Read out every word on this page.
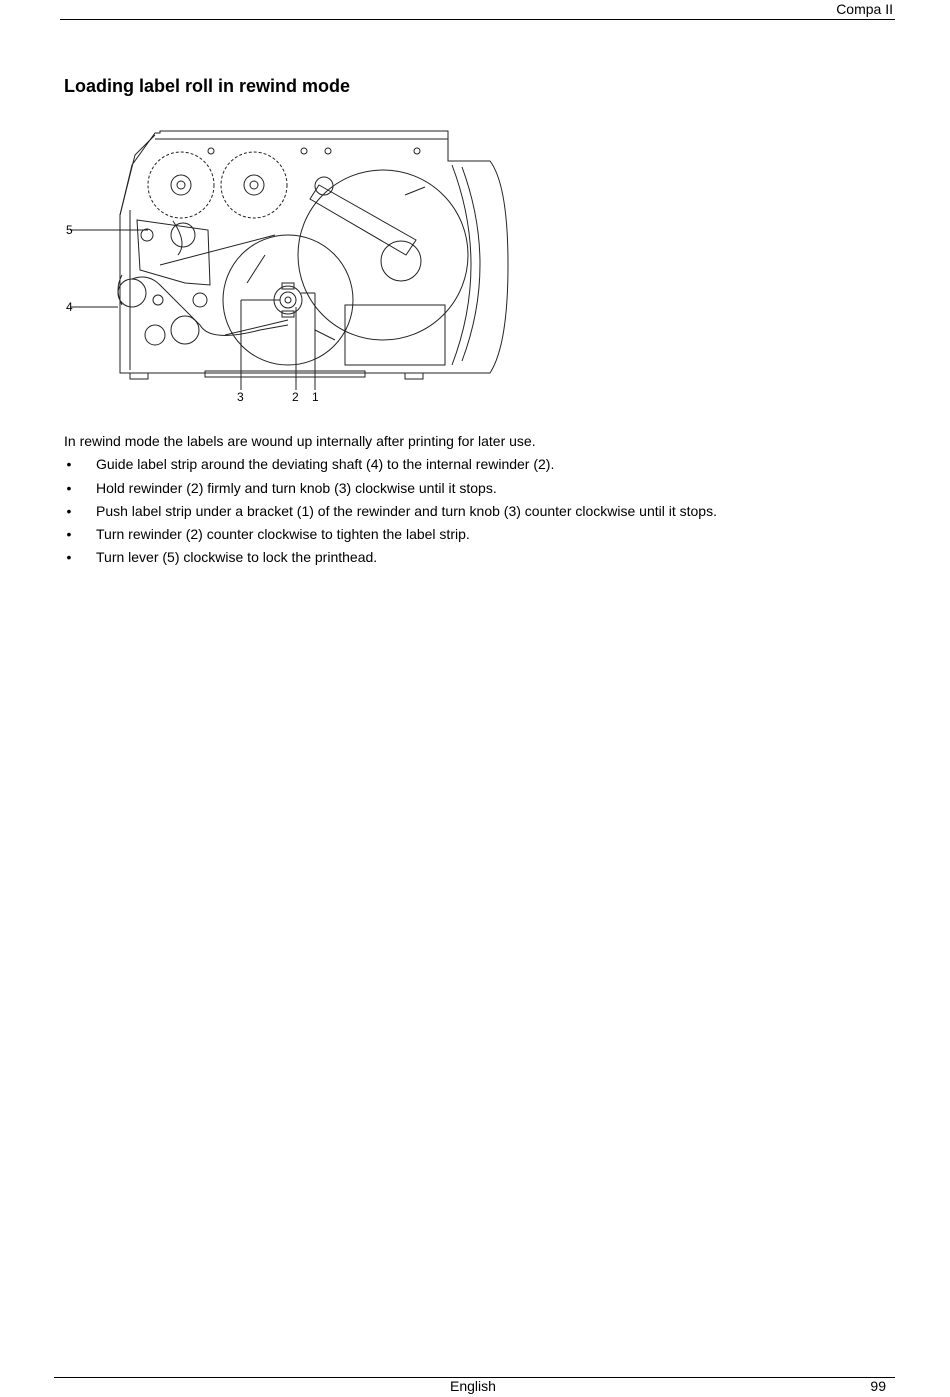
Compa II
Loading label roll in rewind mode
5
4
3	2 1

In rewind mode the labels are wound up internally after printing for later use.

• Guide label strip around the deviating shaft (4) to the internal rewinder (2).
• Hold rewinder (2) firmly and turn knob (3) clockwise until it stops.
• Push label strip under a bracket (1) of the rewinder and turn knob (3) counter clockwise until it stops.
• Turn rewinder (2) counter clockwise to tighten the label strip.
• Turn lever (5) clockwise to lock the printhead.
English	99
